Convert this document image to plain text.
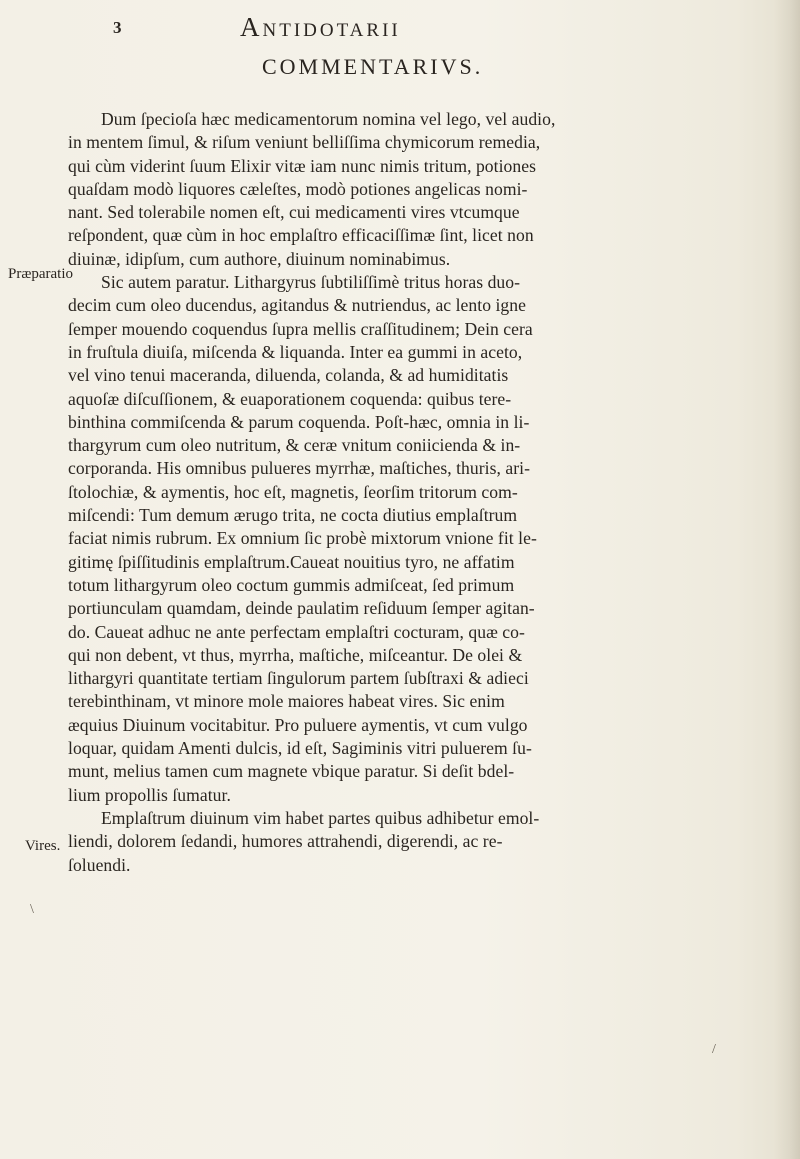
3	Antidotarii
COMMENTARIVS.
Præparatio
Vires.
Dum ſpecioſa hæc medicamentorum nomina vel lego, vel audio,
in mentem ſimul, & riſum veniunt belliſſima chymicorum remedia,
qui cùm viderint ſuum Elixir vitæ iam nunc nimis tritum, potiones
quaſdam modò liquores cæleſtes, modò potiones angelicas nomi-
nant. Sed tolerabile nomen eſt, cui medicamenti vires vtcumque
reſpondent, quæ cùm in hoc emplaſtro efficaciſſimæ ſint, licet non
diuinæ, idipſum, cum authore, diuinum nominabimus.
Sic autem paratur. Lithargyrus ſubtiliſſimè tritus horas duo-
decim cum oleo ducendus, agitandus & nutriendus, ac lento igne
ſemper mouendo coquendus ſupra mellis craſſitudinem; Dein cera
in fruſtula diuiſa, miſcenda & liquanda. Inter ea gummi in aceto,
vel vino tenui maceranda, diluenda, colanda, & ad humiditatis
aquoſæ diſcuſſionem, & euaporationem coquenda: quibus tere-
binthina commiſcenda & parum coquenda. Poſt-hæc, omnia in li-
thargyrum cum oleo nutritum, & ceræ vnitum coniicienda & in-
corporanda. His omnibus pulueres myrrhæ, maſtiches, thuris, ari-
ſtolochiæ, & aymentis, hoc eſt, magnetis, ſeorſim tritorum com-
miſcendi: Tum demum ærugo trita, ne cocta diutius emplaſtrum
faciat nimis rubrum. Ex omnium ſic probè mixtorum vnione fit le-
gitimę ſpiſſitudinis emplaſtrum.Caueat nouitius tyro, ne affatim
totum lithargyrum oleo coctum gummis admiſceat, ſed primum
portiunculam quamdam, deinde paulatim reſiduum ſemper agitan-
do. Caueat adhuc ne ante perfectam emplaſtri cocturam, quæ co-
qui non debent, vt thus, myrrha, maſtiche, miſceantur. De olei &
lithargyri quantitate tertiam ſingulorum partem ſubſtraxi & adieci
terebinthinam, vt minore mole maiores habeat vires. Sic enim
æquius Diuinum vocitabitur. Pro puluere aymentis, vt cum vulgo
loquar, quidam Amenti dulcis, id eſt, Sagiminis vitri puluerem ſu-
munt, melius tamen cum magnete vbique paratur. Si deſit bdel-
lium propollis ſumatur.
Emplaſtrum diuinum vim habet partes quibus adhibetur emol-
liendi, dolorem ſedandi, humores attrahendi, digerendi, ac re-
ſoluendi.
\
/
